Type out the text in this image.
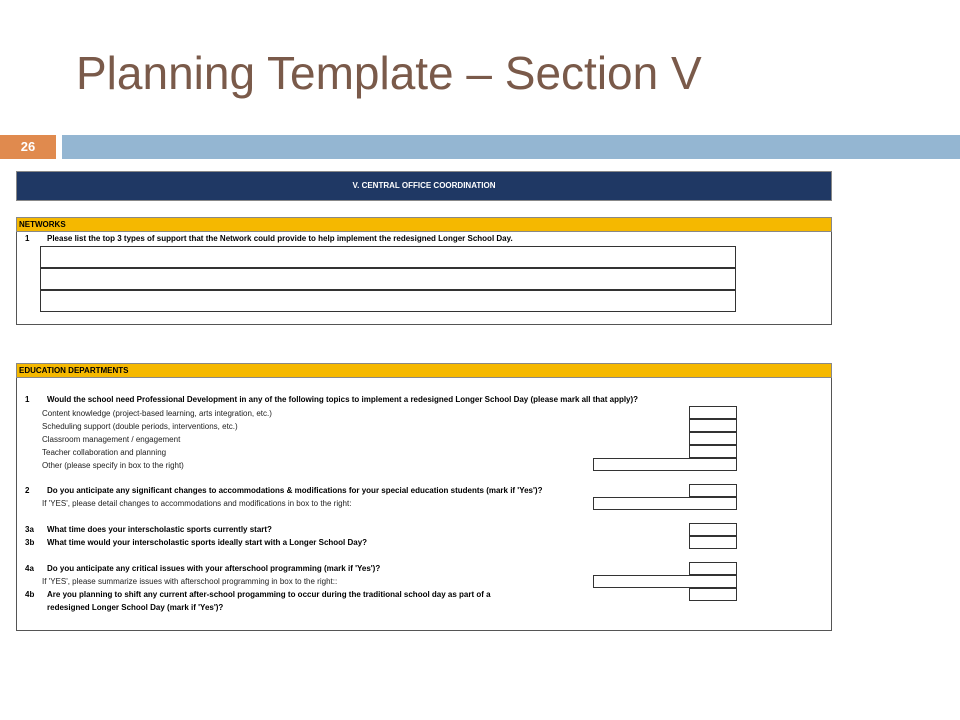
Planning Template – Section V
26
V. CENTRAL OFFICE COORDINATION
NETWORKS
1 Please list the top 3 types of support that the Network could provide to help implement the redesigned Longer School Day.
EDUCATION DEPARTMENTS
1 Would the school need Professional Development in any of the following topics to implement a redesigned Longer School Day (please mark all that apply)?
Content knowledge (project-based learning, arts integration, etc.)
Scheduling support (double periods, interventions, etc.)
Classroom management / engagement
Teacher collaboration and planning
Other (please specify in box to the right)
2 Do you anticipate any significant changes to accommodations & modifications for your special education students (mark if 'Yes')?
If 'YES', please detail changes to accommodations and modifications in box to the right:
3a What time does your interscholastic sports currently start?
3b What time would your interscholastic sports ideally start with a Longer School Day?
4a Do you anticipate any critical issues with your afterschool programming (mark if 'Yes')?
If 'YES', please summarize issues with afterschool programming in box to the right::
4b Are you planning to shift any current after-school progamming to occur during the traditional school day as part of a
redesigned Longer School Day (mark if 'Yes')?
